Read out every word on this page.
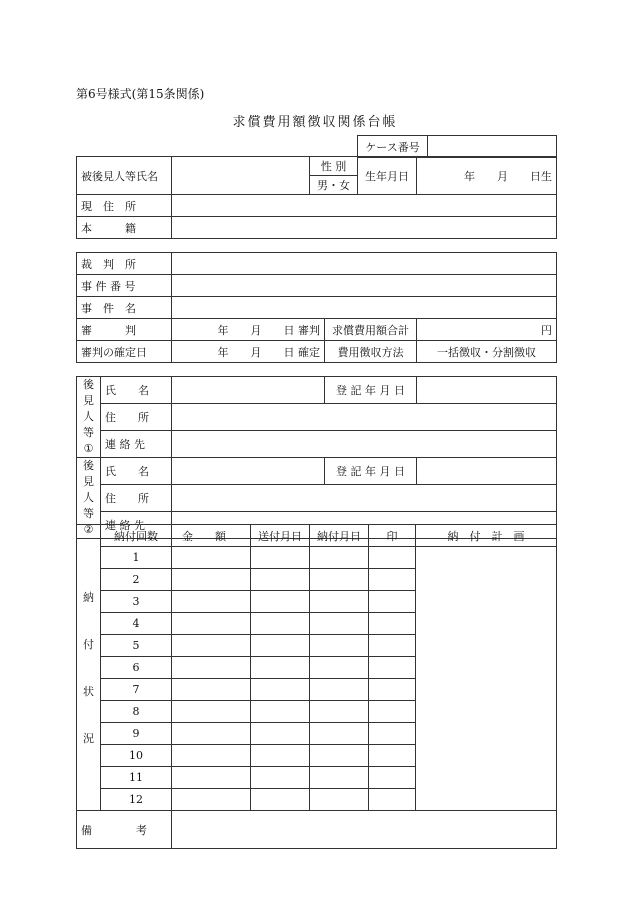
第6号様式(第15条関係)
求償費用額徴収関係台帳
ケース番号	
被後見人等氏名		性 別	生年月日	年　　月　　日生
		男・女		
現　住　所				
本　　　籍				
裁　判　所			
事 件 番 号			
事　件　名			
審　　　判	年　　月　　日 審判	求償費用額合計	円
審判の確定日	年　　月　　日 確定	費用徴収方法	一括徴収・分割徴収
後
見
人
等
①	氏　　名		登 記 年 月 日	
	住　　所			
	連 絡 先			

後
見
人
等
②	氏　　名		登 記 年 月 日	
	住　　所			
	連 絡 先			
納
付
状
況	納付回数	金　　額	送付月日	納付月日	印	納　付　計　画
	1					
	2					
	3					
	4					
	5					
	6					
	7					
	8					
	9					
	10					
	11					
	12					
備　　　　考						
